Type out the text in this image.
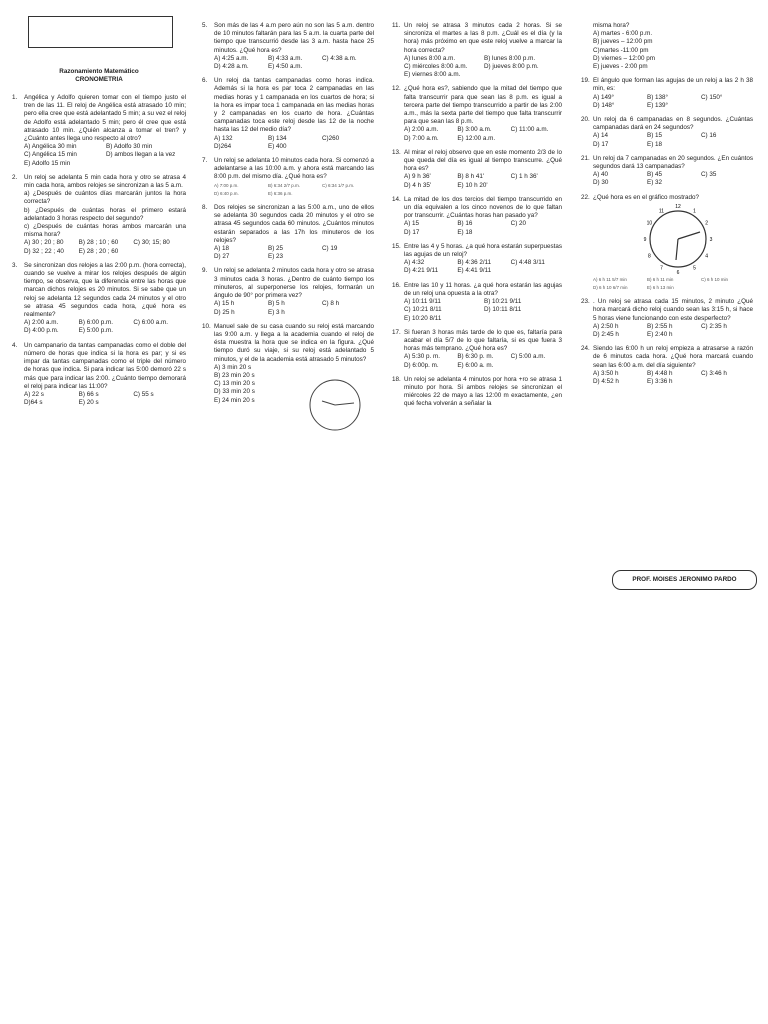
Razonamiento Matemático
CRONOMETRIA
1.	Angélica y Adolfo quieren tomar con el tiempo justo el tren de las 11. El reloj de Angélica está atrasado 10 min; pero ella cree que está adelantado 5 min; a su vez el reloj de Adolfo está adelantado 5 min; pero él cree que está atrasado 10 min. ¿Quién alcanza a tomar el tren? y ¿Cuánto antes llega uno respecto al otro?
A) Angélica 30 min	B) Adolfo 30 min
C) Angélica 15 min	D) ambos llegan a la vez
E) Adolfo 15 min
2.	Un reloj se adelanta 5 min cada hora y otro se atrasa 4 min cada hora, ambos relojes se sincronizan a las 5 a.m.
a) ¿Después de cuántos días marcarán juntos la hora correcta?
b) ¿Después de cuántas horas el primero estará adelantado 3 horas respecto del segundo?
c) ¿Después de cuántas horas ambos marcarán una misma hora?
A) 30 ; 20 ; 80	B) 28 ; 10 ; 60	C) 30; 15; 80
D) 32 ; 22 ; 40	E) 28 ; 20 ; 60
3.	Se sincronizan dos relojes a las 2:00 p.m. (hora correcta), cuando se vuelve a mirar los relojes después de algún tiempo, se observa, que la diferencia entre las horas que marcan dichos relojes es 20 minutos. Si se sabe que un reloj se adelanta 12 segundos cada 24 minutos y el otro se atrasa 45 segundos cada hora, ¿qué hora es realmente?
A) 2:00 a.m.	B) 6:00 p.m.	C) 6:00 a.m.
D) 4:00 p.m.	E) 5:00 p.m.
4.	Un campanario da tantas campanadas como el doble del número de horas que indica si la hora es par; y si es impar da tantas campanadas como el triple del número de horas que indica. Si para indicar las 5:00 demoró 22 s más que para indicar las 2:00. ¿Cuánto tiempo demorará el reloj para indicar las 11:00?
A) 22 s	B) 66 s	C) 55 s
D)64 s	E) 20 s
5.	Son más de las 4 a.m pero aún no son las 5 a.m. dentro de 10 minutos faltarán para las 5 a.m. la cuarta parte del tiempo que transcurrió desde las 3 a.m. hasta hace 25 minutos. ¿Qué hora es?
A) 4:25 a.m.	B) 4:33 a.m.	C) 4:38 a.m.
D) 4:28 a.m.	E) 4:50 a.m.
6.	Un reloj da tantas campanadas como horas indica. Además si la hora es par toca 2 campanadas en las medias horas y 1 campanada en los cuartos de hora; si la hora es impar toca 1 campanada en las medias horas y 2 campanadas en los cuarto de hora. ¿Cuántas campanadas toca este reloj desde las 12 de la noche hasta las 12 del medio día?
A) 132	B) 134	C)260
D)264	E) 400
7.	Un reloj se adelanta 10 minutos cada hora. Si comenzó a adelantarse a las 10:00 a.m. y ahora está marcando las 8:00 p.m. del mismo día. ¿Qué hora es?
A) 7:00 p.m.	B) 6:34 2/7 p.m.	C) 6:34 1/7 p.m.
D) 6:40 p.m.	E) 6:36 p.m.
8.	Dos relojes se sincronizan a las 5:00 a.m., uno de ellos se adelanta 30 segundos cada 20 minutos y el otro se atrasa 45 segundos cada 60 minutos. ¿Cuántos minutos estarán separados a las 17h los minuteros de los relojes?
A) 18	B) 25	C) 19
D) 27	E) 23
9.	Un reloj se adelanta 2 minutos cada hora y otro se atrasa 3 minutos cada 3 horas. ¿Dentro de cuánto tiempo los minuteros, al superponerse los relojes, formarán un ángulo de 90° por primera vez?
A) 15 h	B) 5 h	C) 8 h
D) 25 h	E) 3 h
10. Manuel sale de su casa cuando su reloj está marcando las 9:00 a.m. y llega a la academia cuando el reloj de ésta muestra la hora que se indica en la figura. ¿Qué tiempo duró su viaje, si su reloj está adelantado 5 minutos, y el de la academia está atrasado 5 minutos?
A) 3 min 20 s
B) 23 min 20 s
C) 13 min 20 s
D) 33 min 20 s
E) 24 min 20 s
11. Un reloj se atrasa 3 minutos cada 2 horas. Si se sincroniza el martes a las 8 p.m. ¿Cuál es el día (y la hora) más próximo en que este reloj vuelve a marcar la hora correcta?
A) lunes 8:00 a.m.	B) lunes 8:00 p.m.
C) miércoles 8:00 a.m.	D) jueves 8:00 p.m.
E) viernes 8:00 a.m.
12. ¿Qué hora es?, sabiendo que la mitad del tiempo que falta transcurrir para que sean las 8 p.m. es igual a tercera parte del tiempo transcurrido a partir de las 2:00 a.m., más la sexta parte del tiempo que falta transcurrir para que sean las 8 p.m.
A) 2:00 a.m.	B) 3:00 a.m.	C) 11:00 a.m.
D) 7:00 a.m.	E) 12:00 a.m.
13. Al mirar el reloj observo que en este momento 2/3 de lo que queda del día es igual al tiempo transcurre. ¿Qué hora es?
A) 9 h 36'	B) 8 h 41'	C) 1 h 36'
D) 4 h 35'	E) 10 h 20'
14. La mitad de los dos tercios del tiempo transcurrido en un día equivalen a los cinco novenos de lo que faltan por transcurrir. ¿Cuántas horas han pasado ya?
A) 15	B) 16	C) 20
D) 17	E) 18
15. Entre las 4 y 5 horas. ¿a qué hora estarán superpuestas las agujas de un reloj?
A) 4:32	B) 4:36 2/11	C) 4:48 3/11
D) 4:21 9/11	E) 4:41 9/11
16. Entre las 10 y 11 horas. ¿a qué hora estarán las agujas de un reloj una opuesta a la otra?
A) 10:11 9/11	B) 10:21 9/11
C) 10:21 8/11	D) 10:11 8/11
E) 10:20 8/11
17. Si fueran 3 horas más tarde de lo que es, faltaría para acabar el día 5/7 de lo que faltaría, si es que fuera 3 horas más temprano. ¿Qué hora es?
A) 5:30 p. m.	B) 6:30 p. m.	C) 5:00 a.m.
D) 6:00p. m.	E) 6:00 a. m.
18. Un reloj se adelanta 4 minutos por hora +ro se atrasa 1 minuto por hora. Si ambos relojes se sincronizan el miércoles 22 de mayo a las 12:00 m exactamente, ¿en qué fecha volverán a señalar la
misma hora?
A) martes - 6:00 p.m.
B) jueves – 12:00 pm
C)martes -11:00 pm
D) viernes – 12:00 pm
E) jueves - 2:00 pm
19. El ángulo que forman las agujas de un reloj a las 2 h 38 min, es:
A) 149°	B) 138°	C) 150°
D) 148°	E) 139°
20. Un reloj da 6 campanadas en 8 segundos. ¿Cuántas campanadas dará en 24 segundos?
A) 14	B) 15	C) 16
D) 17	E) 18
21. Un reloj da 7 campanadas en 20 segundos. ¿En cuántos segundos dará 13 campanadas?
A) 40	B) 45	C) 35
D) 30	E) 32
22. ¿Qué hora es en el gráfico mostrado?
12
1
2
3
4
5
6
7
8
9
10
11
A) 6 h 11 5/7 min	B) 6 h 11 min	C) 6 h 10 min
D) 6 h 10 6/7 min	E) 6 h 13 min
23. . Un reloj se atrasa cada 15 minutos, 2 minuto ¿Qué hora marcará dicho reloj cuando sean las 3:15 h, si hace 5 horas viene funcionando con este desperfecto?
A) 2:50 h	B) 2:55 h	C) 2:35 h
D) 2:45 h	E) 2:40 h
24. Siendo las 6:00 h un reloj empieza a atrasarse a razón de 6 minutos cada hora. ¿Qué hora marcará cuando sean las 6:00 a.m. del día siguiente?
A) 3:50 h	B) 4:48 h	C) 3:46 h
D) 4:52 h	E) 3:36 h
PROF. MOISES JERONIMO PARDO
